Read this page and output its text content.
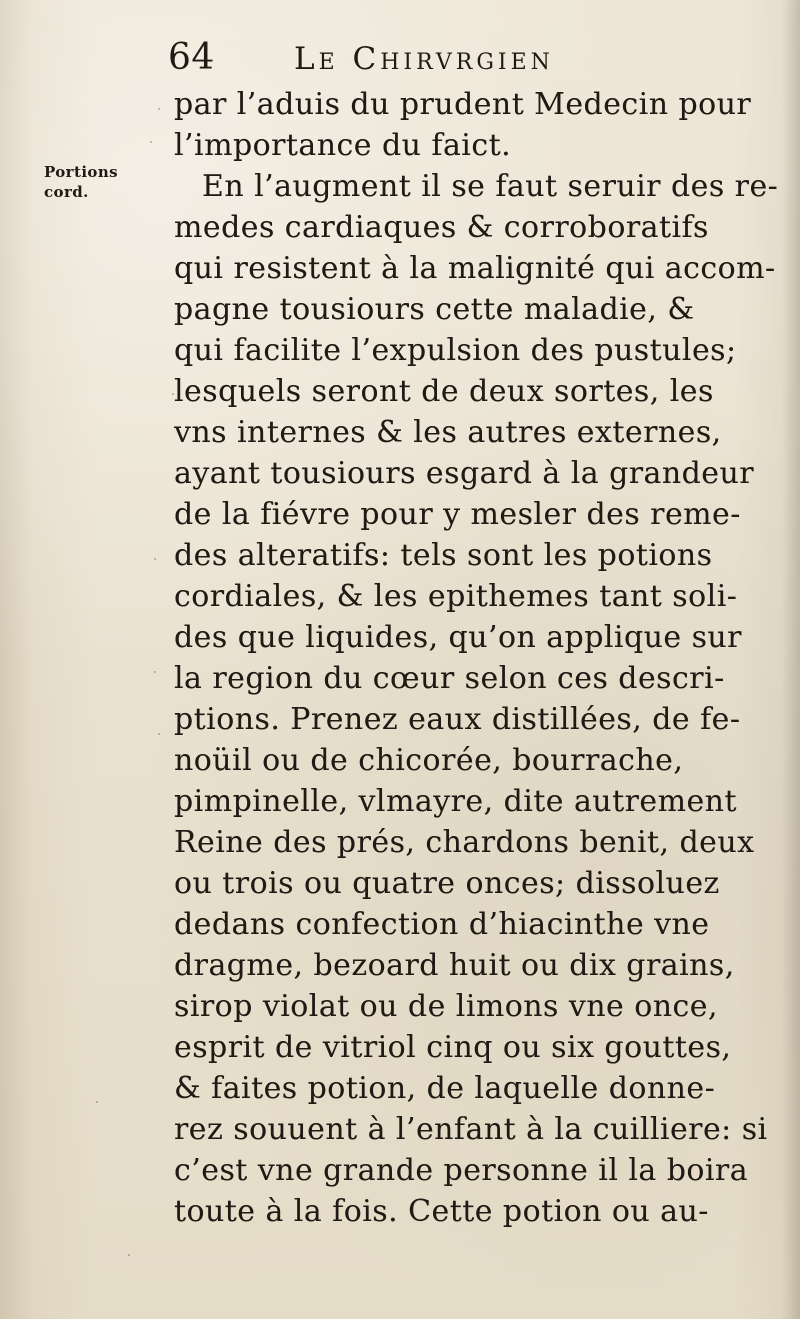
64	Le Chirvrgien
Portions
cord.
par l’aduis du prudent Medecin pour
l’importance du faict.
En l’augment il se faut seruir des re-
medes cardiaques & corroboratifs
qui resistent à la malignité qui accom-
pagne tousiours cette maladie, &
qui facilite l’expulsion des pustules;
lesquels seront de deux sortes, les
vns internes & les autres externes,
ayant tousiours esgard à la grandeur
de la fiévre pour y mesler des reme-
des alteratifs: tels sont les potions
cordiales, & les epithemes tant soli-
des que liquides, qu’on applique sur
la region du cœur selon ces descri-
ptions. Prenez eaux distillées, de fe-
noüil ou de chicorée, bourrache,
pimpinelle, vlmayre, dite autrement
Reine des prés, chardons benit, deux
ou trois ou quatre onces; dissoluez
dedans confection d’hiacinthe vne
dragme, bezoard huit ou dix grains,
sirop violat ou de limons vne once,
esprit de vitriol cinq ou six gouttes,
& faites potion, de laquelle donne-
rez souuent à l’enfant à la cuilliere: si
c’est vne grande personne il la boira
toute à la fois. Cette potion ou au-
